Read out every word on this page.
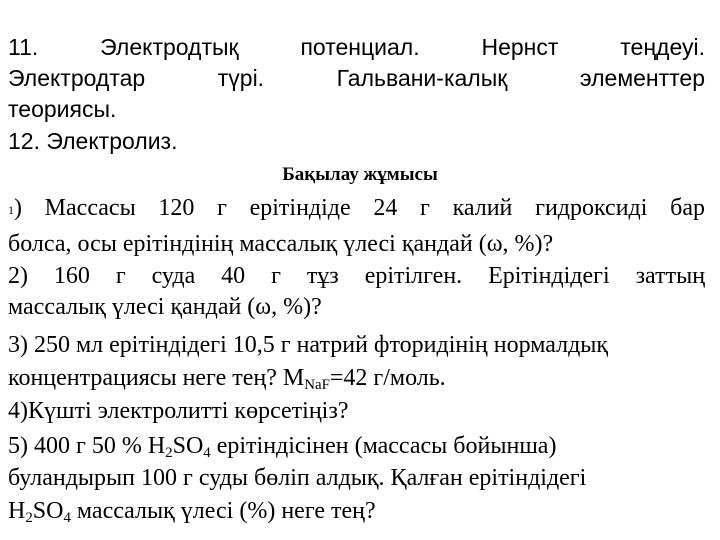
11.	Электродтық	потенциал.	Нернст	теңдеуі.
Электродтар	түрі.	Гальвани-калық	элементтер
теориясы.
12. Электролиз.
Бақылау жұмысы
1) Массасы 120 г ерітіндіде 24 г калий гидроксиді бар
болса, осы ерітіндінің массалық үлесі қандай (ω, %)?
2) 160 г суда 40 г тұз ерітілген. Ерітіндідегі заттың
массалық үлесі қандай (ω, %)?
3) 250 мл ерітіндідегі 10,5 г натрий фторидінің нормалдық
концентрациясы неге тең? $M_{NaF}=42$ г/моль.
4)Күшті электролитті көрсетіңіз?
5) 400 г 50 % $H_2SO_4$ ерітіндісінен (массасы бойынша)
буландырып 100 г суды бөліп алдық. Қалған ерітіндідегі
$H_2SO_4$ массалық үлесі (%) неге тең?
